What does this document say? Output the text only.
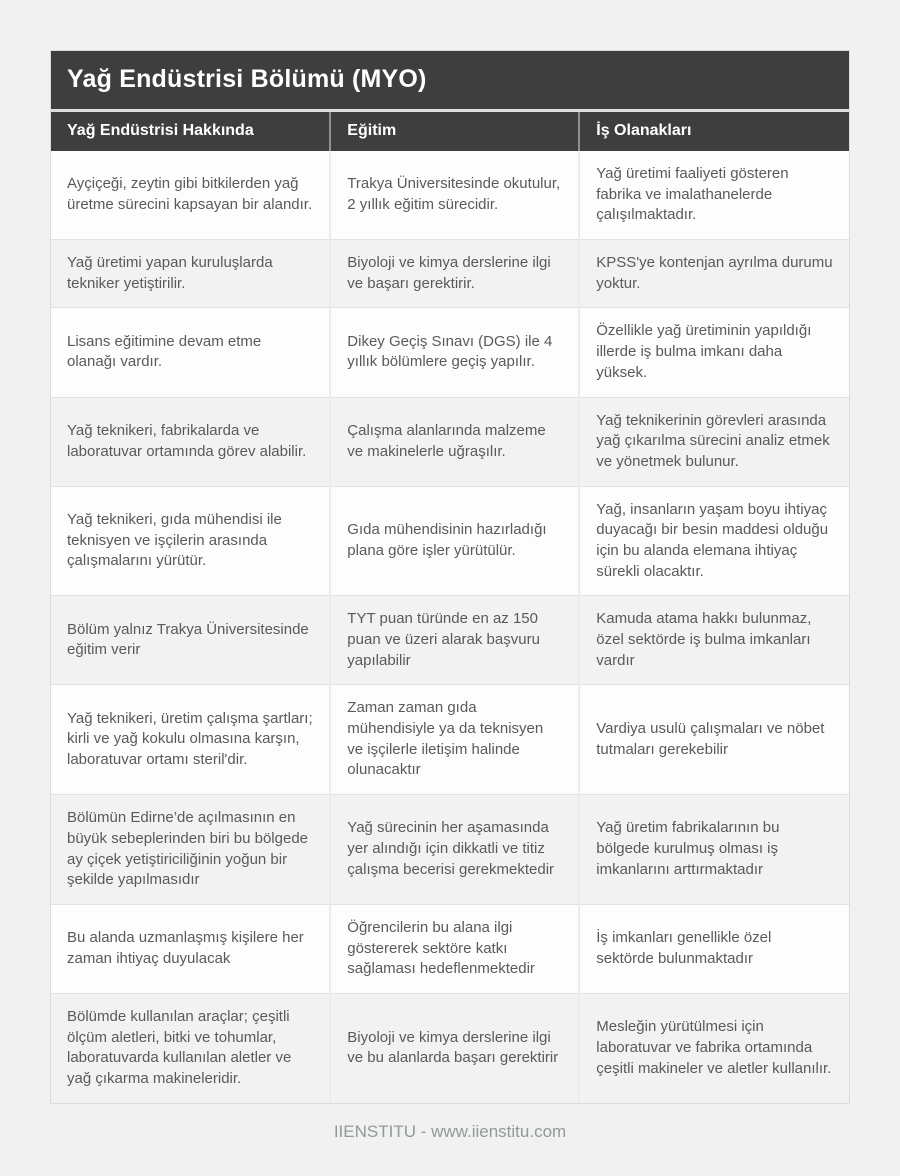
Yağ Endüstrisi Bölümü (MYO)
Yağ Endüstrisi Hakkında	Eğitim	İş Olanakları
Ayçiçeği, zeytin gibi bitkilerden yağ üretme sürecini kapsayan bir alandır.	Trakya Üniversitesinde okutulur, 2 yıllık eğitim sürecidir.	Yağ üretimi faaliyeti gösteren fabrika ve imalathanelerde çalışılmaktadır.
Yağ üretimi yapan kuruluşlarda tekniker yetiştirilir.	Biyoloji ve kimya derslerine ilgi ve başarı gerektirir.	KPSS'ye kontenjan ayrılma durumu yoktur.
Lisans eğitimine devam etme olanağı vardır.	Dikey Geçiş Sınavı (DGS) ile 4 yıllık bölümlere geçiş yapılır.	Özellikle yağ üretiminin yapıldığı illerde iş bulma imkanı daha yüksek.
Yağ teknikeri, fabrikalarda ve laboratuvar ortamında görev alabilir.	Çalışma alanlarında malzeme ve makinelerle uğraşılır.	Yağ teknikerinin görevleri arasında yağ çıkarılma sürecini analiz etmek ve yönetmek bulunur.
Yağ teknikeri, gıda mühendisi ile teknisyen ve işçilerin arasında çalışmalarını yürütür.	Gıda mühendisinin hazırladığı plana göre işler yürütülür.	Yağ, insanların yaşam boyu ihtiyaç duyacağı bir besin maddesi olduğu için bu alanda elemana ihtiyaç sürekli olacaktır.
Bölüm yalnız Trakya Üniversitesinde eğitim verir	TYT puan türünde en az 150 puan ve üzeri alarak başvuru yapılabilir	Kamuda atama hakkı bulunmaz, özel sektörde iş bulma imkanları vardır
Yağ teknikeri, üretim çalışma şartları; kirli ve yağ kokulu olmasına karşın, laboratuvar ortamı steril'dir.	Zaman zaman gıda mühendisiyle ya da teknisyen ve işçilerle iletişim halinde olunacaktır	Vardiya usulü çalışmaları ve nöbet tutmaları gerekebilir
Bölümün Edirne’de açılmasının en büyük sebeplerinden biri bu bölgede ay çiçek yetiştiriciliğinin yoğun bir şekilde yapılmasıdır	Yağ sürecinin her aşamasında yer alındığı için dikkatli ve titiz çalışma becerisi gerekmektedir	Yağ üretim fabrikalarının bu bölgede kurulmuş olması iş imkanlarını arttırmaktadır
Bu alanda uzmanlaşmış kişilere her zaman ihtiyaç duyulacak	Öğrencilerin bu alana ilgi göstererek sektöre katkı sağlaması hedeflenmektedir	İş imkanları genellikle özel sektörde bulunmaktadır
Bölümde kullanılan araçlar; çeşitli ölçüm aletleri, bitki ve tohumlar, laboratuvarda kullanılan aletler ve yağ çıkarma makineleridir.	Biyoloji ve kimya derslerine ilgi ve bu alanlarda başarı gerektirir	Mesleğin yürütülmesi için laboratuvar ve fabrika ortamında çeşitli makineler ve aletler kullanılır.
IIENSTITU - www.iienstitu.com
